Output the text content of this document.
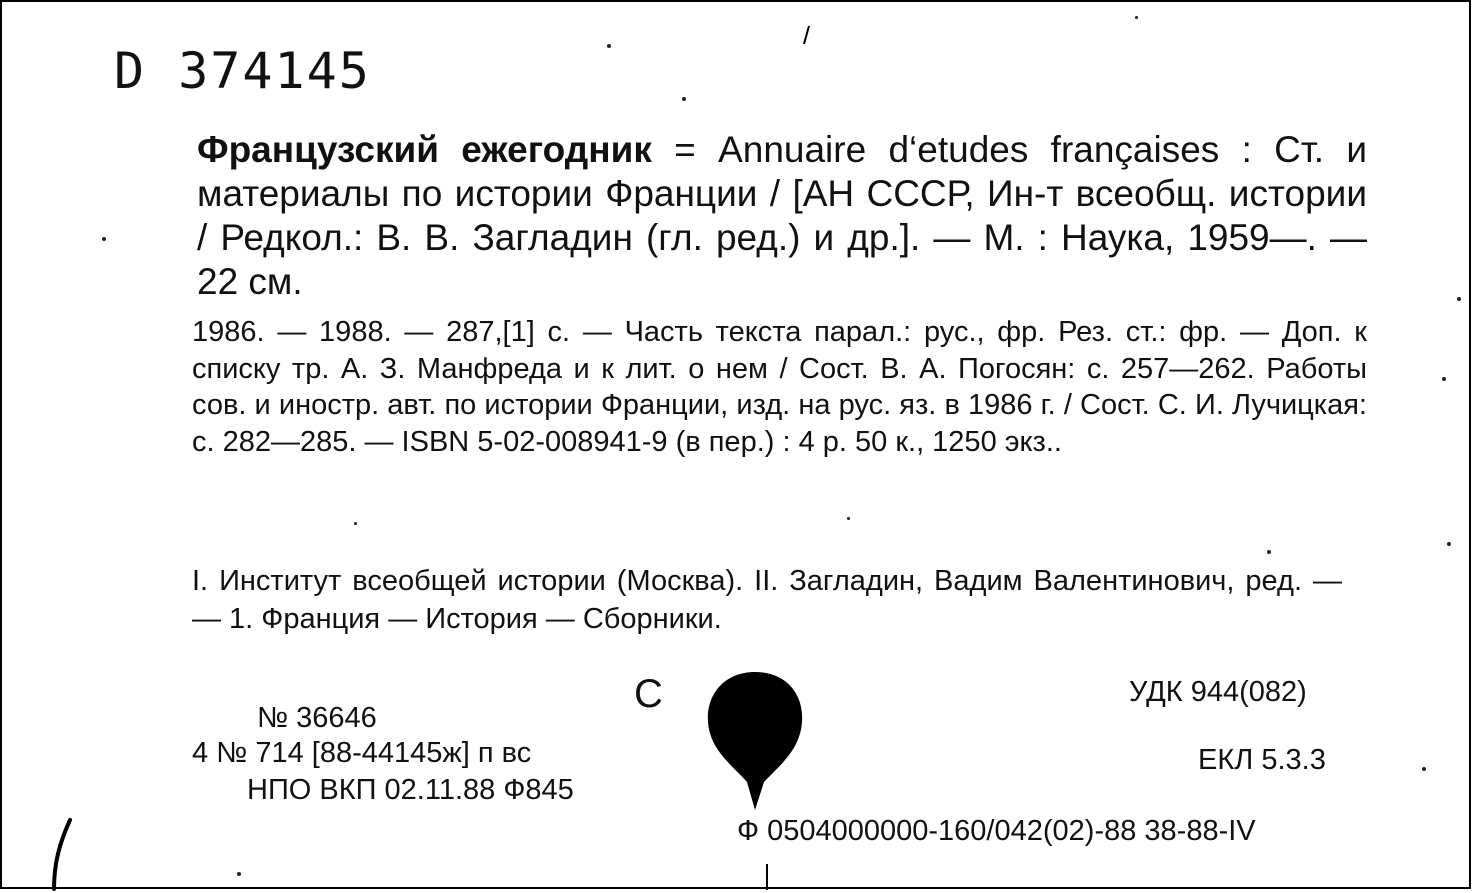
D 374145
Французский ежегодник = Annuaire d‘etudes françaises : Ст. и материалы по истории Франции / [АН СССР, Ин-т всеобщ. истории / Редкол.: В. В. Загладин (гл. ред.) и др.]. — М. : Наука, 1959—. — 22 см.
1986. — 1988. — 287,[1] с. — Часть текста парал.: рус., фр. Рез. ст.: фр. — Доп. к списку тр. А. З. Манфреда и к лит. о нем / Сост. В. А. Погосян: с. 257—262. Работы сов. и иностр. авт. по истории Франции, изд. на рус. яз. в 1986 г. / Сост. С. И. Лучицкая: с. 282—285. — ISBN 5-02-008941-9 (в пер.) : 4 р. 50 к., 1250 экз..
I. Институт всеобщей истории (Москва). II. Загладин, Вадим Валентинович, ред. — — 1. Франция — История — Сборники.
№ 36646
4 № 714 [88-44145ж] п вс
НПО ВКП 02.11.88 Ф845
С	УДК 944(082)
ЕКЛ 5.3.3
Ф 0504000000-160/042(02)-88 38-88-IV
